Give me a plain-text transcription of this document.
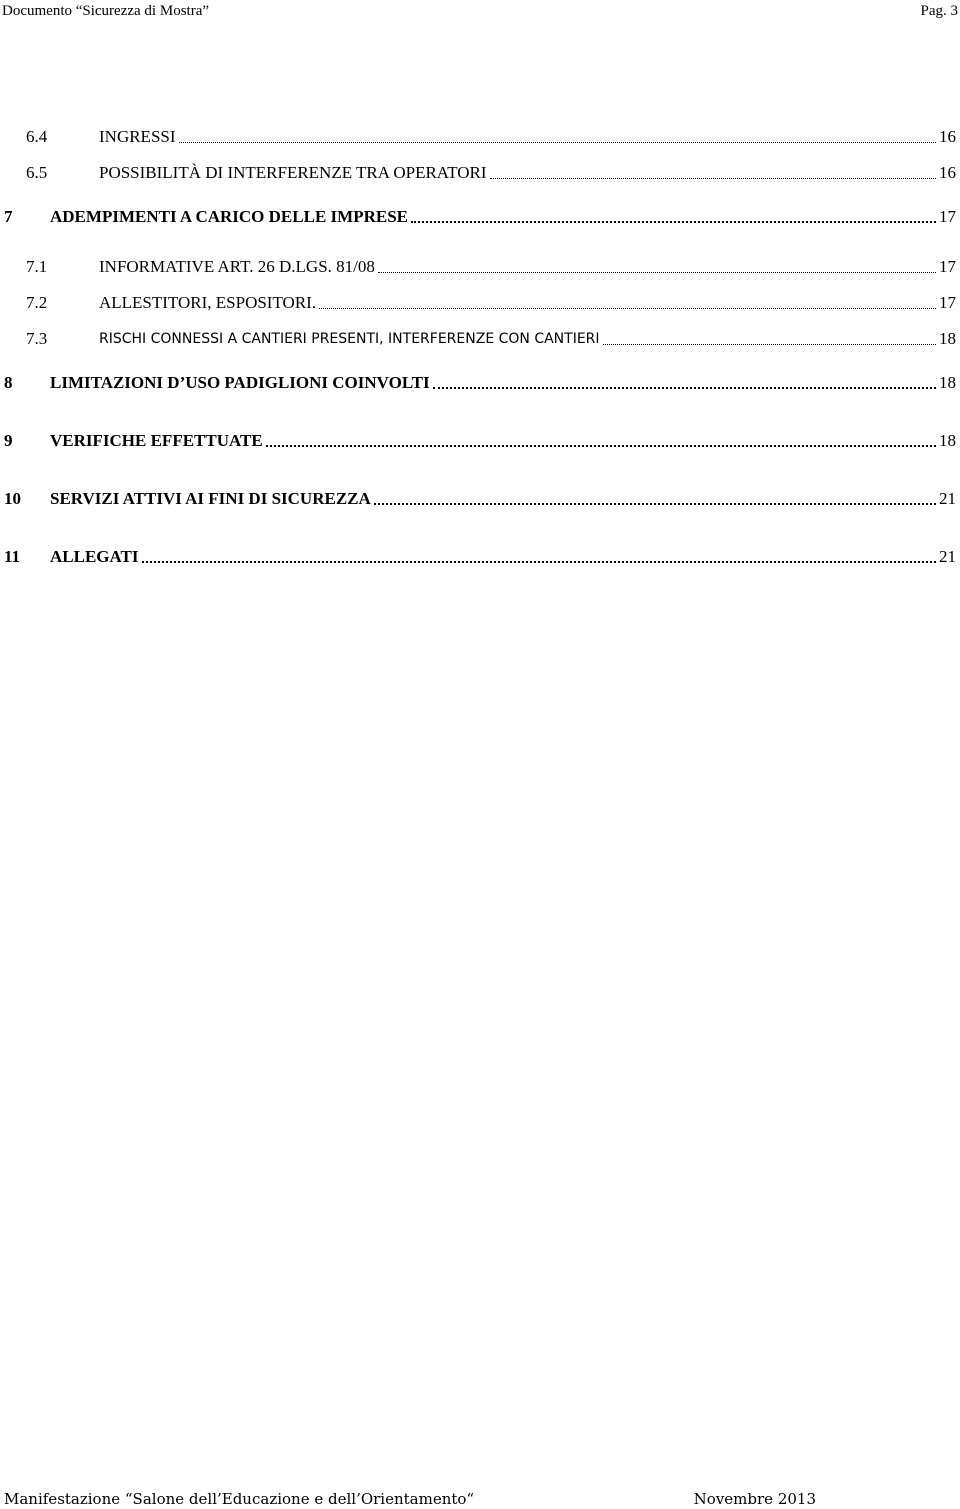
Documento “Sicurezza di Mostra”	Pag. 3
6.4	INGRESSI	16
6.5	POSSIBILITÀ DI INTERFERENZE TRA OPERATORI	16
7	ADEMPIMENTI A CARICO DELLE IMPRESE	17
7.1	INFORMATIVE ART. 26 D.LGS. 81/08	17
7.2	ALLESTITORI, ESPOSITORI.	17
7.3	RISCHI CONNESSI A CANTIERI PRESENTI, INTERFERENZE CON CANTIERI	18
8	LIMITAZIONI D’USO PADIGLIONI COINVOLTI	18
9	VERIFICHE EFFETTUATE	18
10	SERVIZI ATTIVI AI FINI DI SICUREZZA	21
11	ALLEGATI	21
Manifestazione “Salone dell’Educazione e dell’Orientamento“	Novembre 2013
